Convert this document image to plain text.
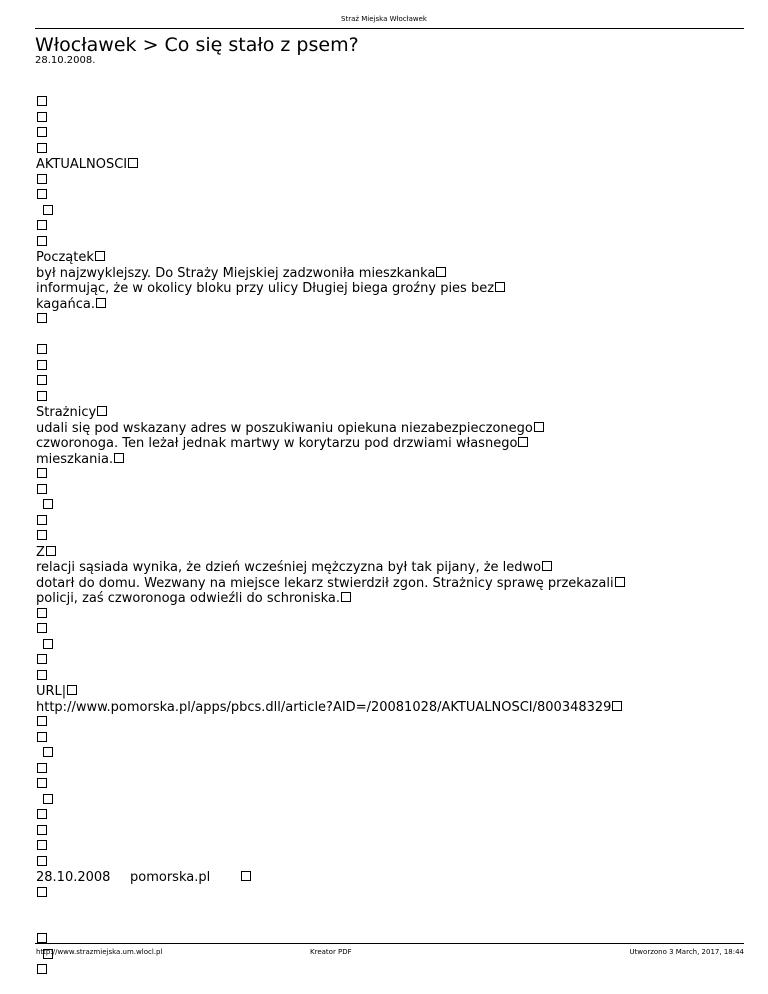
Straż Miejska Włocławek
Włocławek > Co się stało z psem?
28.10.2008.
AKTUALNOŚCI
Początek
był najzwyklejszy. Do Straży Miejskiej zadzwoniła mieszkanka
informując, że w okolicy bloku przy ulicy Długiej biega groźny pies bez
kagańca.
Strażnicy
udali się pod wskazany adres w poszukiwaniu opiekuna niezabezpieczonego
czworonoga. Ten leżał jednak martwy w korytarzu pod drzwiami własnego
mieszkania.
Z
relacji sąsiada wynika, że dzień wcześniej mężczyzna był tak pijany, że ledwo
dotarł do domu. Wezwany na miejsce lekarz stwierdził zgon. Strażnicy sprawę przekazali
policji, zaś czworonoga odwieźli do schroniska.
URL|
http://www.pomorska.pl/apps/pbcs.dll/article?AID=/20081028/AKTUALNOSCI/800348329
28.10.2008 pomorska.pl
http://www.strazmiejska.um.wlocl.pl	Kreator PDF	Utworzono 3 March, 2017, 18:44
